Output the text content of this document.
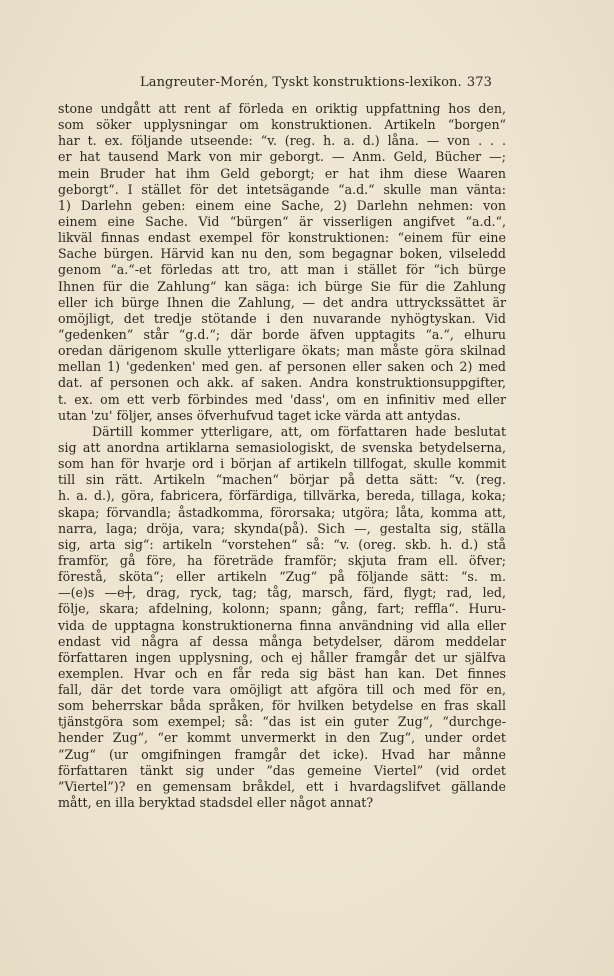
Langreuter-Morén, Tyskt konstruktions-lexikon. 373
stone undgått att rent af förleda en oriktig uppfattning hos den,
som söker upplysningar om konstruktionen. Artikeln “borgen“
har t. ex. följande utseende: “v. (reg. h. a. d.) låna. — von . . .
er hat tausend Mark von mir geborgt. — Anm. Geld, Bücher —;
mein Bruder hat ihm Geld geborgt; er hat ihm diese Waaren
geborgt“. I stället för det intetsägande “a.d.“ skulle man vänta:
1) Darlehn geben: einem eine Sache, 2) Darlehn nehmen: von
einem eine Sache. Vid “bürgen“ är visserligen angifvet “a.d.“,
likväl finnas endast exempel för konstruktionen: “einem für eine
Sache bürgen. Härvid kan nu den, som begagnar boken, vilseledd
genom “a.“-et förledas att tro, att man i stället för “ich bürge
Ihnen für die Zahlung“ kan säga: ich bürge Sie für die Zahlung
eller ich bürge Ihnen die Zahlung, — det andra uttryckssättet är
omöjligt, det tredje stötande i den nuvarande nyhögtyskan. Vid
“gedenken“ står “g.d.“; där borde äfven upptagits “a.“, elhuru
oredan därigenom skulle ytterligare ökats; man måste göra skilnad
mellan 1) 'gedenken' med gen. af personen eller saken och 2) med
dat. af personen och akk. af saken. Andra konstruktionsuppgifter,
t. ex. om ett verb förbindes med 'dass', om en infinitiv med eller
utan 'zu' följer, anses öfverhufvud taget icke värda att antydas.
Därtill kommer ytterligare, att, om författaren hade beslutat
sig att anordna artiklarna semasiologiskt, de svenska betydelserna,
som han för hvarje ord i början af artikeln tillfogat, skulle kommit
till sin rätt. Artikeln “machen“ börjar på detta sätt: “v. (reg.
h. a. d.), göra, fabricera, förfärdiga, tillvärka, bereda, tillaga, koka;
skapa; förvandla; åstadkomma, förorsaka; utgöra; låta, komma att,
narra, laga; dröja, vara; skynda(på). Sich —, gestalta sig, ställa
sig, arta sig“: artikeln “vorstehen“ så: “v. (oreg. skb. h. d.) stå
framför, gå före, ha företräde framför; skjuta fram ell. öfver;
förestå, sköta“; eller artikeln “Zug“ på följande sätt: “s. m.
—(e)s —e┼, drag, ryck, tag; tåg, marsch, färd, flygt; rad, led,
följe, skara; afdelning, kolonn; spann; gång, fart; reffla“. Huru-
vida de upptagna konstruktionerna finna användning vid alla eller
endast vid några af dessa många betydelser, därom meddelar
författaren ingen upplysning, och ej håller framgår det ur själfva
exemplen. Hvar och en får reda sig bäst han kan. Det finnes
fall, där det torde vara omöjligt att afgöra till och med för en,
som beherrskar båda språken, för hvilken betydelse en fras skall
tjänstgöra som exempel; så: “das ist ein guter Zug“, “durchge-
hender Zug“, “er kommt unvermerkt in den Zug“, under ordet
“Zug“ (ur omgifningen framgår det icke). Hvad har månne
författaren tänkt sig under ”das gemeine Viertel” (vid ordet
”Viertel”)? en gemensam bråkdel, ett i hvardagslifvet gällande
mått, en illa beryktad stadsdel eller något annat?
